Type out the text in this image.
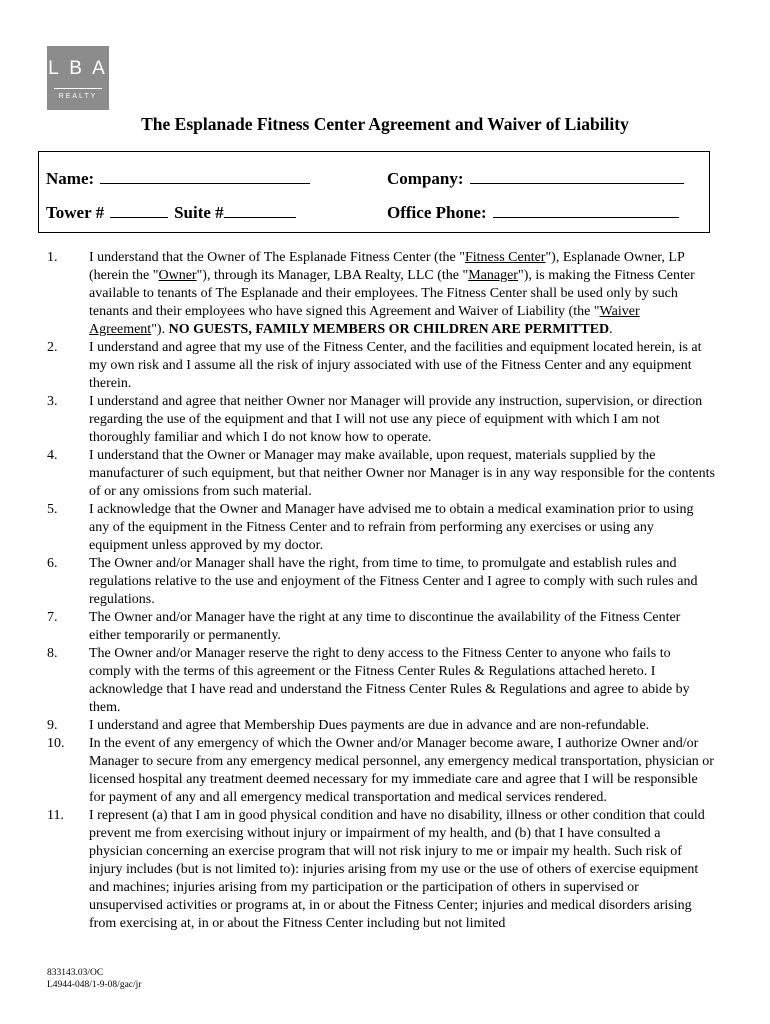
L B A
REALTY
The Esplanade Fitness Center Agreement and Waiver of Liability
Name:	Company:
Tower #	Suite #	Office Phone:
1. I understand that the Owner of The Esplanade Fitness Center (the "Fitness Center"), Esplanade Owner, LP (herein the "Owner"), through its Manager, LBA Realty, LLC (the "Manager"), is making the Fitness Center available to tenants of The Esplanade and their employees. The Fitness Center shall be used only by such tenants and their employees who have signed this Agreement and Waiver of Liability (the "Waiver Agreement"). NO GUESTS, FAMILY MEMBERS OR CHILDREN ARE PERMITTED.
2. I understand and agree that my use of the Fitness Center, and the facilities and equipment located herein, is at my own risk and I assume all the risk of injury associated with use of the Fitness Center and any equipment therein.
3. I understand and agree that neither Owner nor Manager will provide any instruction, supervision, or direction regarding the use of the equipment and that I will not use any piece of equipment with which I am not thoroughly familiar and which I do not know how to operate.
4. I understand that the Owner or Manager may make available, upon request, materials supplied by the manufacturer of such equipment, but that neither Owner nor Manager is in any way responsible for the contents of or any omissions from such material.
5. I acknowledge that the Owner and Manager have advised me to obtain a medical examination prior to using any of the equipment in the Fitness Center and to refrain from performing any exercises or using any equipment unless approved by my doctor.
6. The Owner and/or Manager shall have the right, from time to time, to promulgate and establish rules and regulations relative to the use and enjoyment of the Fitness Center and I agree to comply with such rules and regulations.
7. The Owner and/or Manager have the right at any time to discontinue the availability of the Fitness Center either temporarily or permanently.
8. The Owner and/or Manager reserve the right to deny access to the Fitness Center to anyone who fails to comply with the terms of this agreement or the Fitness Center Rules & Regulations attached hereto. I acknowledge that I have read and understand the Fitness Center Rules & Regulations and agree to abide by them.
9. I understand and agree that Membership Dues payments are due in advance and are non-refundable.
10. In the event of any emergency of which the Owner and/or Manager become aware, I authorize Owner and/or Manager to secure from any emergency medical personnel, any emergency medical transportation, physician or licensed hospital any treatment deemed necessary for my immediate care and agree that I will be responsible for payment of any and all emergency medical transportation and medical services rendered.
11. I represent (a) that I am in good physical condition and have no disability, illness or other condition that could prevent me from exercising without injury or impairment of my health, and (b) that I have consulted a physician concerning an exercise program that will not risk injury to me or impair my health. Such risk of injury includes (but is not limited to): injuries arising from my use or the use of others of exercise equipment and machines; injuries arising from my participation or the participation of others in supervised or unsupervised activities or programs at, in or about the Fitness Center; injuries and medical disorders arising from exercising at, in or about the Fitness Center including but not limited
833143.03/OC
L4944-048/1-9-08/gac/jr
